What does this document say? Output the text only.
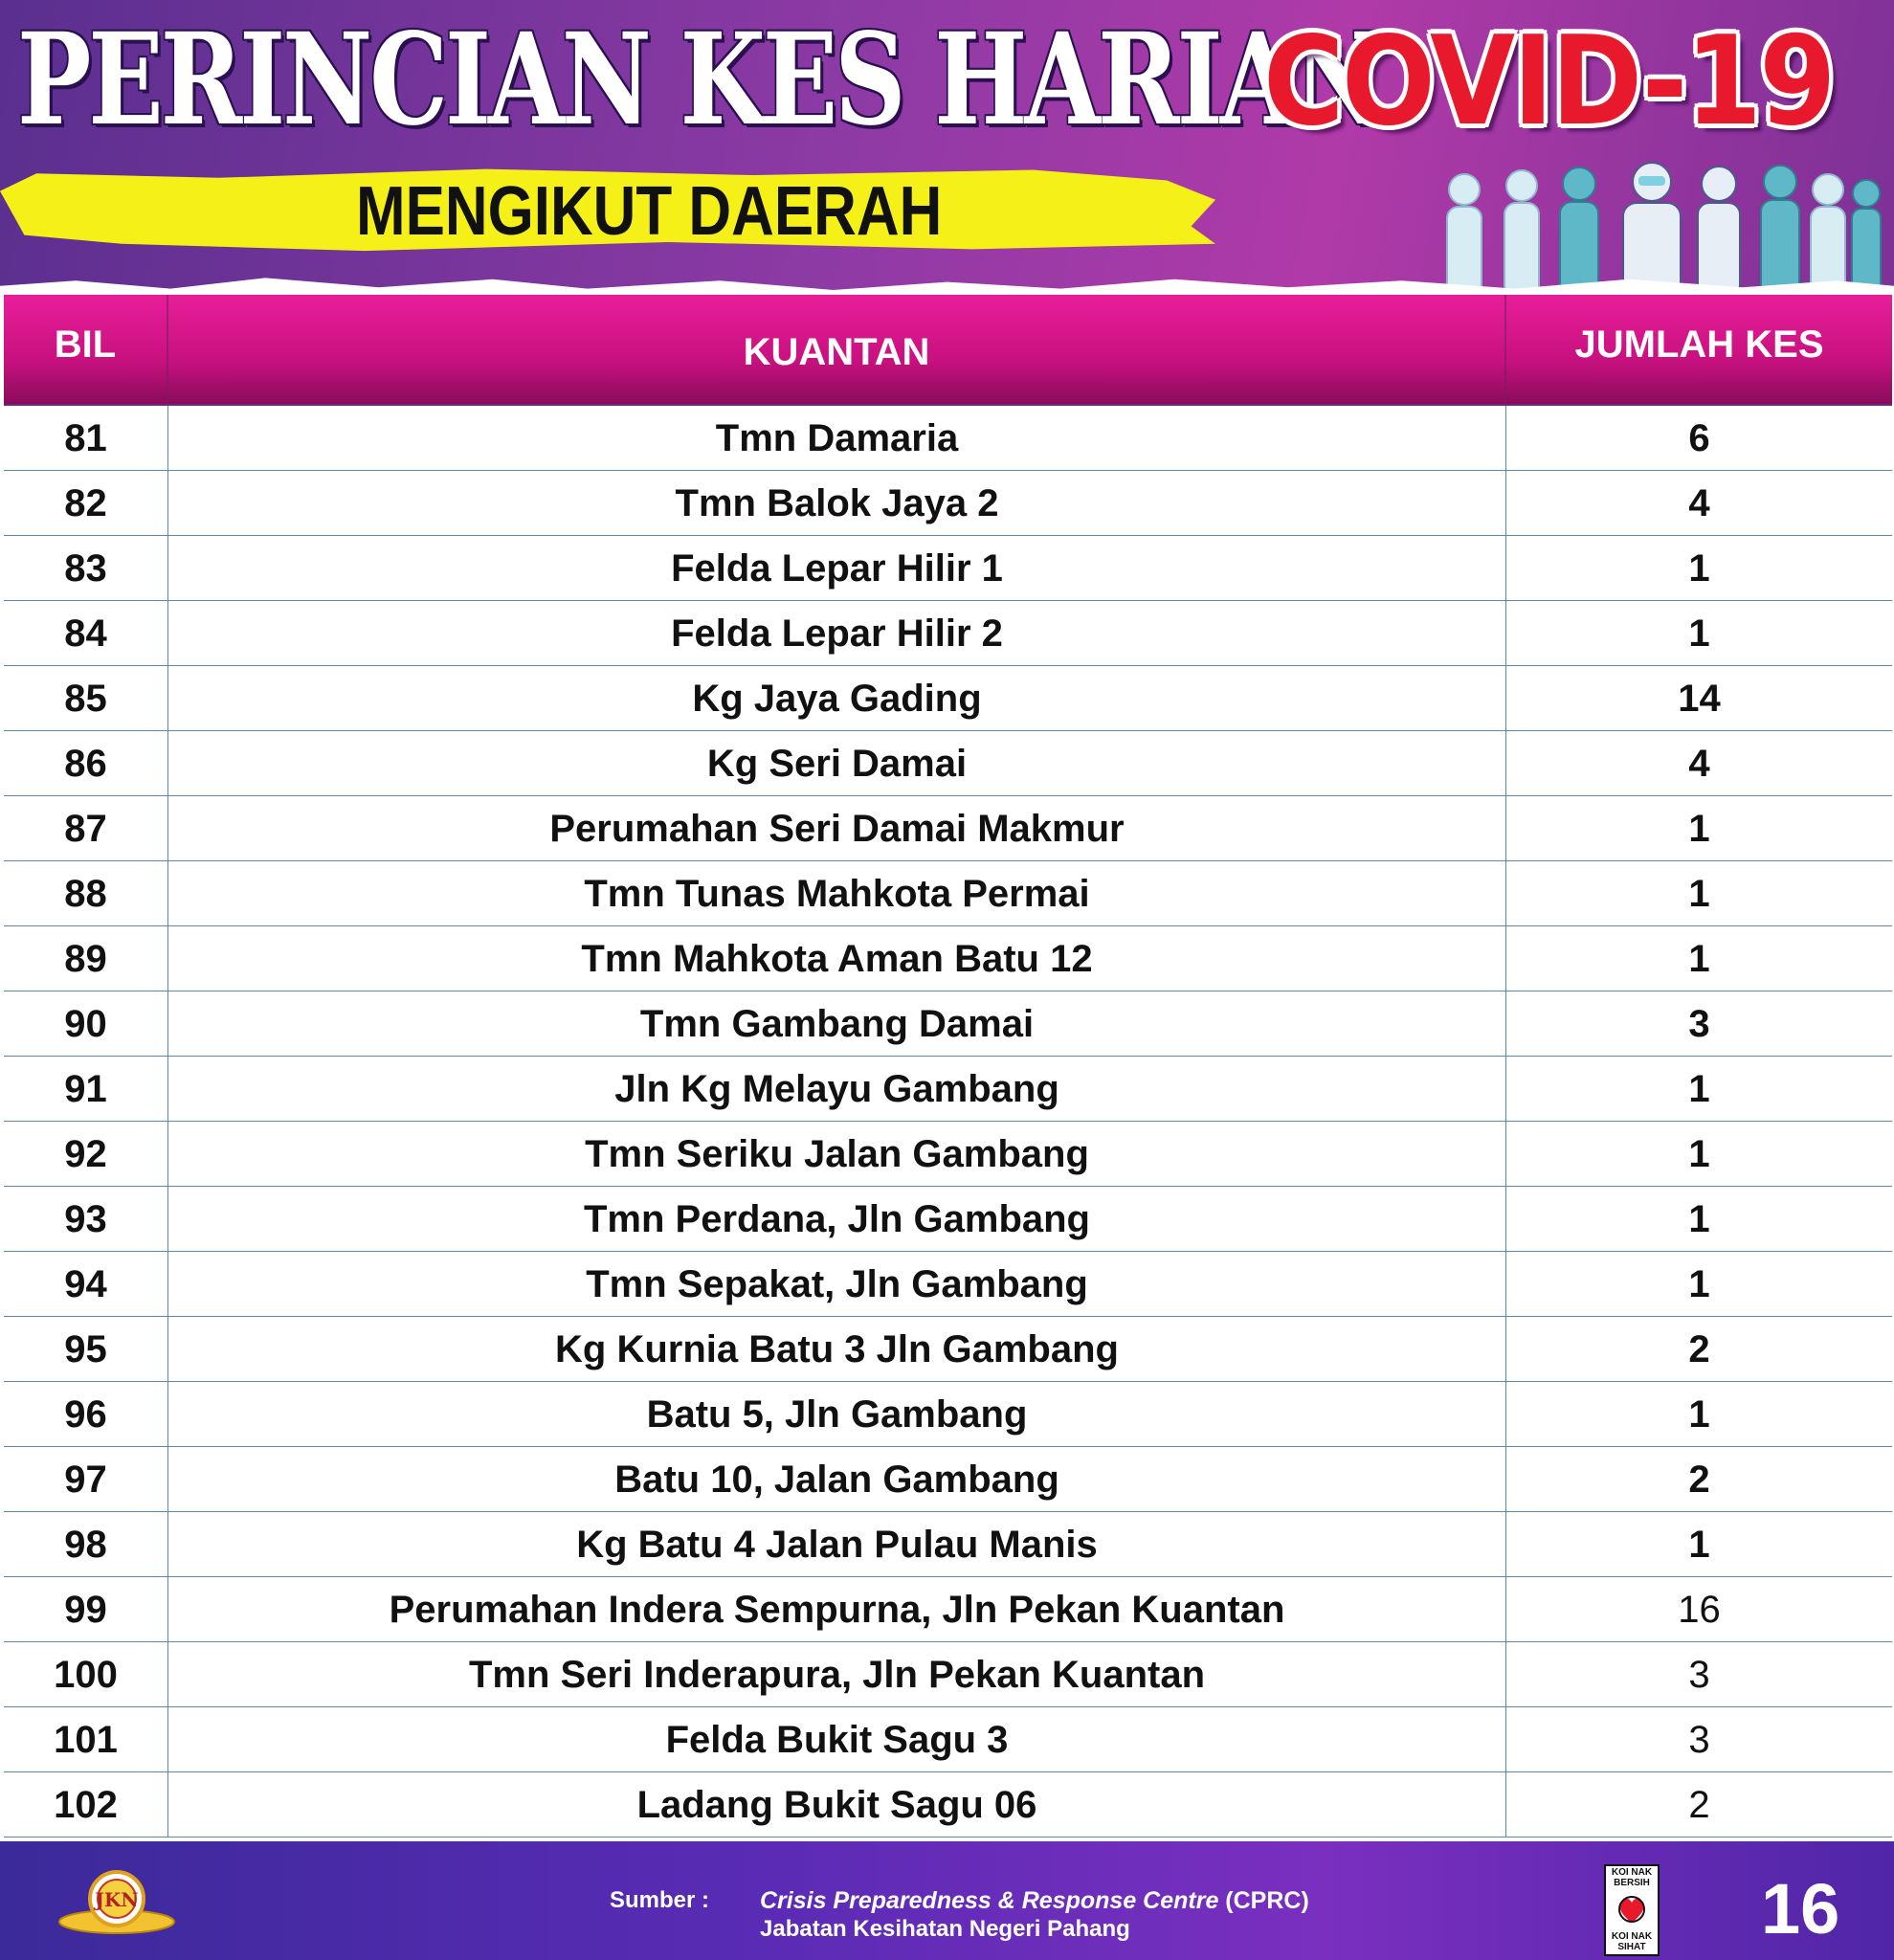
PERINCIAN KES HARIAN
COVID-19
MENGIKUT DAERAH
BIL	KUANTAN	JUMLAH KES
81	Tmn Damaria	6
82	Tmn Balok Jaya 2	4
83	Felda Lepar Hilir 1	1
84	Felda Lepar Hilir 2	1
85	Kg Jaya Gading	14
86	Kg Seri Damai	4
87	Perumahan Seri Damai Makmur	1
88	Tmn Tunas Mahkota Permai	1
89	Tmn Mahkota Aman Batu 12	1
90	Tmn Gambang Damai	3
91	Jln Kg Melayu Gambang	1
92	Tmn Seriku Jalan Gambang	1
93	Tmn Perdana, Jln Gambang	1
94	Tmn Sepakat, Jln Gambang	1
95	Kg Kurnia Batu 3 Jln Gambang	2
96	Batu 5, Jln Gambang	1
97	Batu 10, Jalan Gambang	2
98	Kg Batu 4 Jalan Pulau Manis	1
99	Perumahan Indera Sempurna, Jln Pekan Kuantan	16
100	Tmn Seri Inderapura, Jln Pekan Kuantan	3
101	Felda Bukit Sagu 3	3
102	Ladang Bukit Sagu 06	2
JKN	Sumber : Crisis Preparedness & Response Centre (CPRC)
Jabatan Kesihatan Negeri Pahang
KOI NAK BERSIH
KOI NAK SIHAT 16
